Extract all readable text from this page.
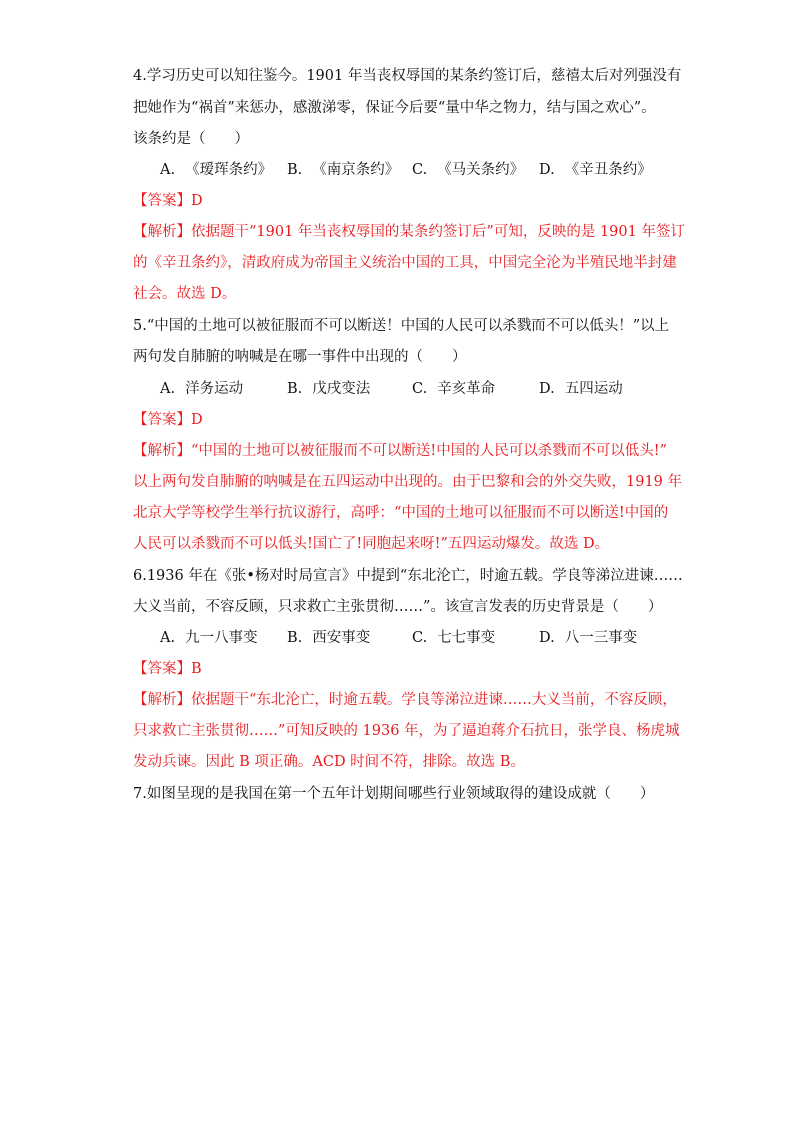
4.学习历史可以知往鉴今。1901 年当丧权辱国的某条约签订后，慈禧太后对列强没有
把她作为“祸首”来惩办，感激涕零，保证今后要“量中华之物力，结与国之欢心”。
该条约是（　　）
A. 《瑷珲条约》 B. 《南京条约》 C. 《马关条约》 D. 《辛丑条约》
【答案】D
【解析】依据题干“1901 年当丧权辱国的某条约签订后”可知，反映的是 1901 年签订
的《辛丑条约》，清政府成为帝国主义统治中国的工具，中国完全沦为半殖民地半封建
社会。故选 D。
5.“中国的土地可以被征服而不可以断送！中国的人民可以杀戮而不可以低头！”以上
两句发自肺腑的呐喊是在哪一事件中出现的（　　）
A. 洋务运动	B. 戊戌变法	C. 辛亥革命	D. 五四运动
【答案】D
【解析】“中国的土地可以被征服而不可以断送!中国的人民可以杀戮而不可以低头!”
以上两句发自肺腑的呐喊是在五四运动中出现的。由于巴黎和会的外交失败，1919 年
北京大学等校学生举行抗议游行，高呼：“中国的土地可以征服而不可以断送!中国的
人民可以杀戮而不可以低头!国亡了!同胞起来呀!”五四运动爆发。故选 D。
6.1936 年在《张•杨对时局宣言》中提到“东北沦亡，时逾五载。学良等涕泣进谏……
大义当前，不容反顾，只求救亡主张贯彻……”。该宣言发表的历史背景是（　　）
A. 九一八事变 B. 西安事变	C. 七七事变	D. 八一三事变
【答案】B
【解析】依据题干“东北沦亡，时逾五载。学良等涕泣进谏……大义当前，不容反顾，
只求救亡主张贯彻……”可知反映的 1936 年，为了逼迫蒋介石抗日，张学良、杨虎城
发动兵谏。因此 B 项正确。ACD 时间不符，排除。故选 B。
7.如图呈现的是我国在第一个五年计划期间哪些行业领域取得的建设成就（　　）
